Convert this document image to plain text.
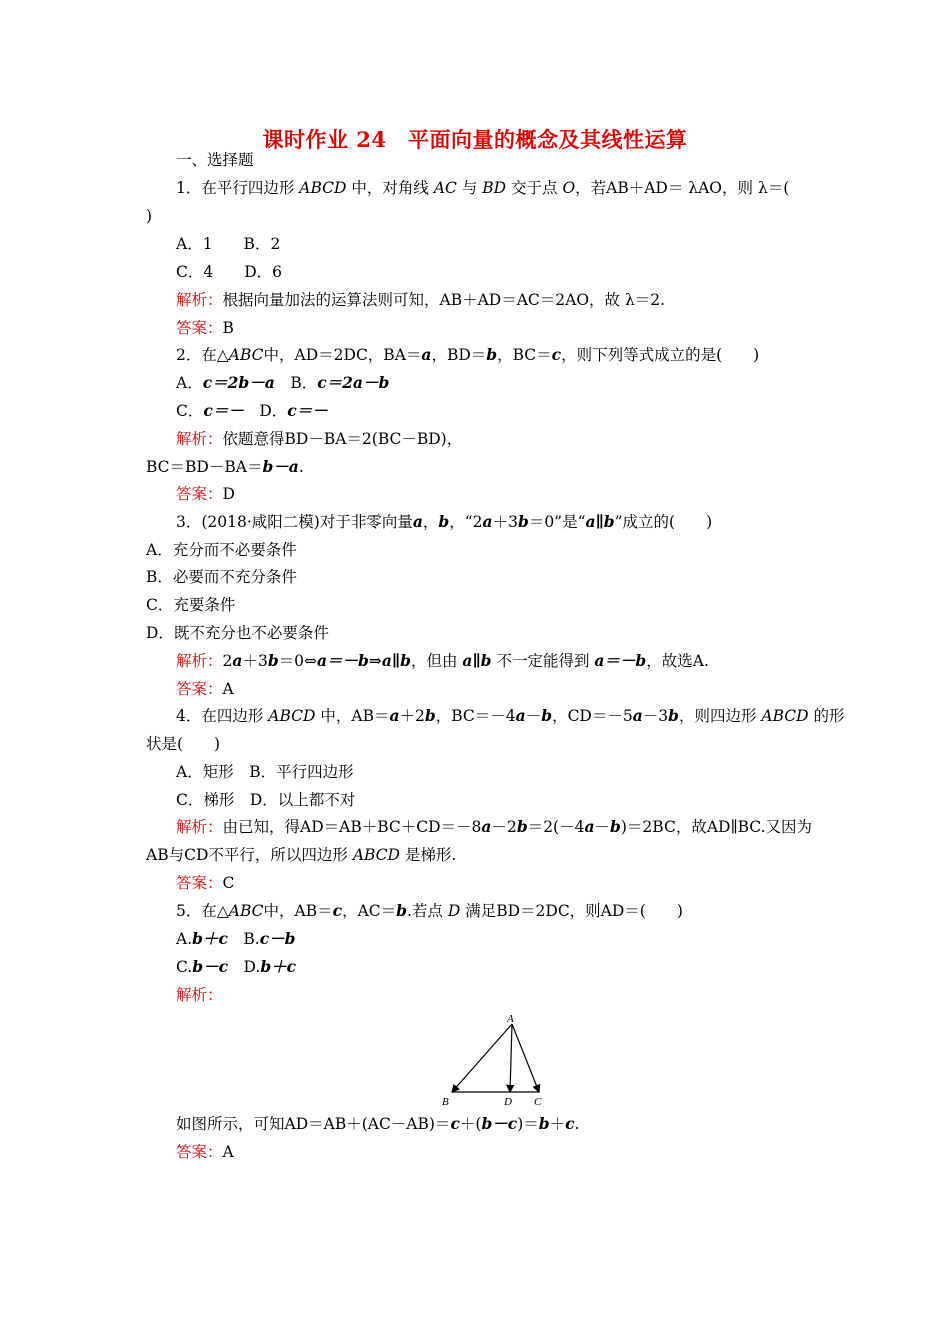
课时作业 24　平面向量的概念及其线性运算
一、选择题
1．在平行四边形 ABCD 中，对角线 AC 与 BD 交于点 O，若AB＋AD＝ λAO，则 λ＝(
)
A．1　　B．2
C．4　　D．6
解析：根据向量加法的运算法则可知，AB＋AD＝AC＝2AO，故 λ＝2.
答案：B
2．在△ABC中，AD＝2DC，BA＝a，BD＝b，BC＝c，则下列等式成立的是(　　)
A．c＝2b－a　B．c＝2a－b
C．c＝－　D．c＝－
解析：依题意得BD－BA＝2(BC－BD)，
BC＝BD－BA＝b－a.
答案：D
3．(2018·咸阳二模)对于非零向量a，b，“2a＋3b＝0”是“a∥b”成立的(　　)
A．充分而不必要条件
B．必要而不充分条件
C．充要条件
D．既不充分也不必要条件
解析：2a＋3b＝0⇔a＝－b⇒a∥b，但由 a∥b 不一定能得到 a＝－b，故选A.
答案：A
4．在四边形 ABCD 中，AB＝a＋2b，BC＝－4a－b，CD＝－5a－3b，则四边形 ABCD 的形
状是(　　)
A．矩形　B．平行四边形
C．梯形　D．以上都不对
解析：由已知，得AD＝AB＋BC＋CD＝－8a－2b＝2(－4a－b)＝2BC，故AD∥BC.又因为
AB与CD不平行，所以四边形 ABCD 是梯形.
答案：C
5．在△ABC中，AB＝c，AC＝b.若点 D 满足BD＝2DC，则AD＝(　　)
A.b＋c　B.c－b
C.b－c　D.b＋c
解析：
A
B	D C
如图所示，可知AD＝AB＋(AC－AB)＝c＋(b－c)＝b＋c.
答案：A
